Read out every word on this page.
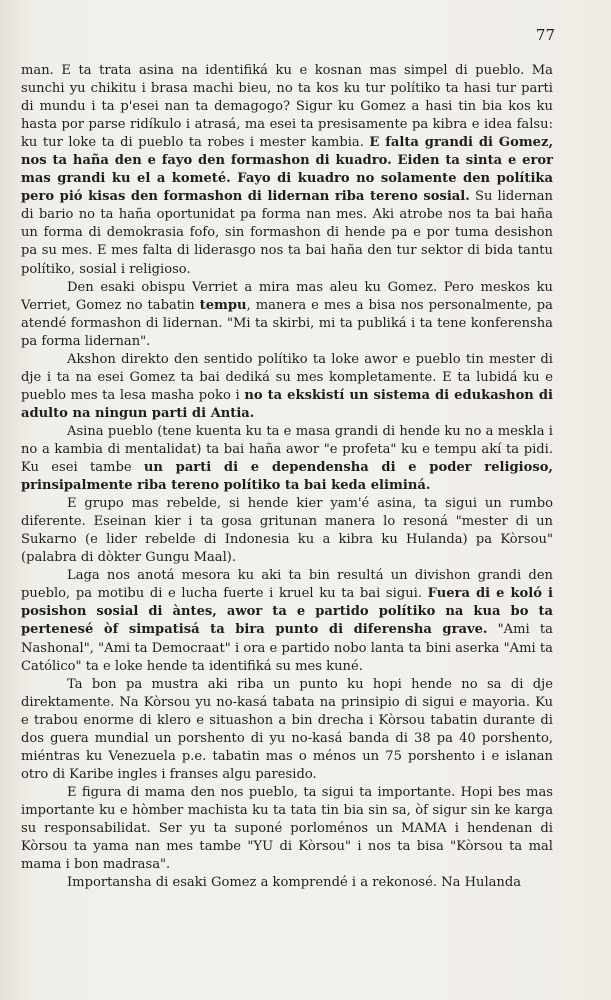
77

man. E ta trata asina na identifiká ku e kosnan mas simpel di pueblo. Ma sunchi yu chikitu i brasa machi bieu, no ta kos ku tur polítiko ta hasi tur parti di mundu i ta p'esei nan ta demagogo? Sigur ku Gomez a hasi tin bia kos ku hasta por parse ridíkulo i atrasá, ma esei ta presisamente pa kibra e idea falsu: ku tur loke ta di pueblo ta robes i mester kambia. E falta grandi di Gomez, nos ta haña den e fayo den formashon di kuadro. Eiden ta sinta e eror mas grandi ku el a kometé. Fayo di kuadro no solamente den polítika pero pió kisas den formashon di lidernan riba tereno sosial. Su lidernan di bario no ta haña oportunidat pa forma nan mes. Aki atrobe nos ta bai haña un forma di demokrasia fofo, sin formashon di hende pa e por tuma desishon pa su mes. E mes falta di liderasgo nos ta bai haña den tur sektor di bida tantu polítiko, sosial i religioso.

Den esaki obispu Verriet a mira mas aleu ku Gomez. Pero meskos ku Verriet, Gomez no tabatin tempu, manera e mes a bisa nos personalmente, pa atendé formashon di lidernan. "Mi ta skirbi, mi ta publiká i ta tene konferensha pa forma lidernan".

Akshon direkto den sentido polítiko ta loke awor e pueblo tin mester di dje i ta na esei Gomez ta bai dediká su mes kompletamente. E ta lubidá ku e pueblo mes ta lesa masha poko i no ta ekskistí un sistema di edukashon di adulto na ningun parti di Antia.

Asina pueblo (tene kuenta ku ta e masa grandi di hende ku no a meskla i no a kambia di mentalidat) ta bai haña awor "e profeta" ku e tempu akí ta pidi. Ku esei tambe un parti di e dependensha di e poder religioso, prinsipalmente riba tereno polítiko ta bai keda eliminá.

E grupo mas rebelde, si hende kier yam'é asina, ta sigui un rumbo diferente. Eseinan kier i ta gosa gritunan manera lo resoná "mester di un Sukarno (e lider rebelde di Indonesia ku a kibra ku Hulanda) pa Kòrsou" (palabra di dòkter Gungu Maal).

Laga nos anotá mesora ku aki ta bin resultá un divishon grandi den pueblo, pa motibu di e lucha fuerte i kruel ku ta bai sigui. Fuera di e koló i posishon sosial di àntes, awor ta e partido polítiko na kua bo ta pertenesé òf simpatisá ta bira punto di diferensha grave. "Ami ta Nashonal", "Ami ta Democraat" i ora e partido nobo lanta ta bini aserka "Ami ta Católico" ta e loke hende ta identifiká su mes kuné.

Ta bon pa mustra aki riba un punto ku hopi hende no sa di dje direktamente. Na Kòrsou yu no-kasá tabata na prinsipio di sigui e mayoria. Ku e trabou enorme di klero e situashon a bin drecha i Kòrsou tabatin durante di dos guera mundial un porshento di yu no-kasá banda di 38 pa 40 porshento, miéntras ku Venezuela p.e. tabatin mas o ménos un 75 porshento i e islanan otro di Karibe ingles i franses algu paresido.

E figura di mama den nos pueblo, ta sigui ta importante. Hopi bes mas importante ku e hòmber machista ku ta tata tin bia sin sa, òf sigur sin ke karga su responsabilidat. Ser yu ta suponé porloménos un MAMA i hendenan di Kòrsou ta yama nan mes tambe "YU di Kòrsou" i nos ta bisa "Kòrsou ta mal mama i bon madrasa".

Importansha di esaki Gomez a komprendé i a rekonosé. Na Hulanda
